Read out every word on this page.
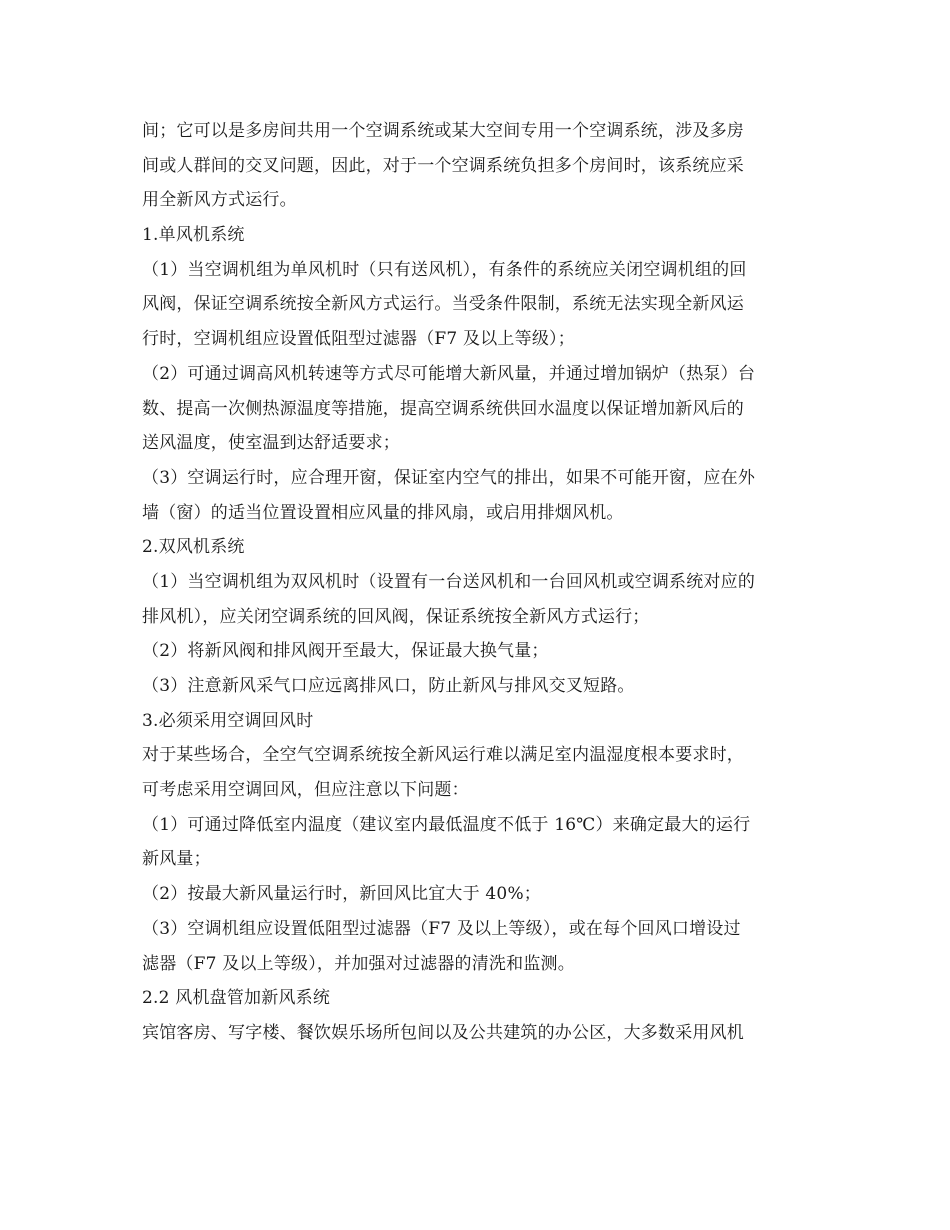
间；它可以是多房间共用一个空调系统或某大空间专用一个空调系统，涉及多房
间或人群间的交叉问题，因此，对于一个空调系统负担多个房间时，该系统应采
用全新风方式运行。
1.单风机系统
（1）当空调机组为单风机时（只有送风机），有条件的系统应关闭空调机组的回
风阀，保证空调系统按全新风方式运行。当受条件限制，系统无法实现全新风运
行时，空调机组应设置低阻型过滤器（F7 及以上等级）；
（2）可通过调高风机转速等方式尽可能增大新风量，并通过增加锅炉（热泵）台
数、提高一次侧热源温度等措施，提高空调系统供回水温度以保证增加新风后的
送风温度，使室温到达舒适要求；
（3）空调运行时，应合理开窗，保证室内空气的排出，如果不可能开窗，应在外
墙（窗）的适当位置设置相应风量的排风扇，或启用排烟风机。
2.双风机系统
（1）当空调机组为双风机时（设置有一台送风机和一台回风机或空调系统对应的
排风机），应关闭空调系统的回风阀，保证系统按全新风方式运行；
（2）将新风阀和排风阀开至最大，保证最大换气量；
（3）注意新风采气口应远离排风口，防止新风与排风交叉短路。
3.必须采用空调回风时
对于某些场合，全空气空调系统按全新风运行难以满足室内温湿度根本要求时，
可考虑采用空调回风，但应注意以下问题：
（1）可通过降低室内温度（建议室内最低温度不低于 16℃）来确定最大的运行
新风量；
（2）按最大新风量运行时，新回风比宜大于 40%；
（3）空调机组应设置低阻型过滤器（F7 及以上等级），或在每个回风口增设过
滤器（F7 及以上等级），并加强对过滤器的清洗和监测。
2.2 风机盘管加新风系统
宾馆客房、写字楼、餐饮娱乐场所包间以及公共建筑的办公区，大多数采用风机
